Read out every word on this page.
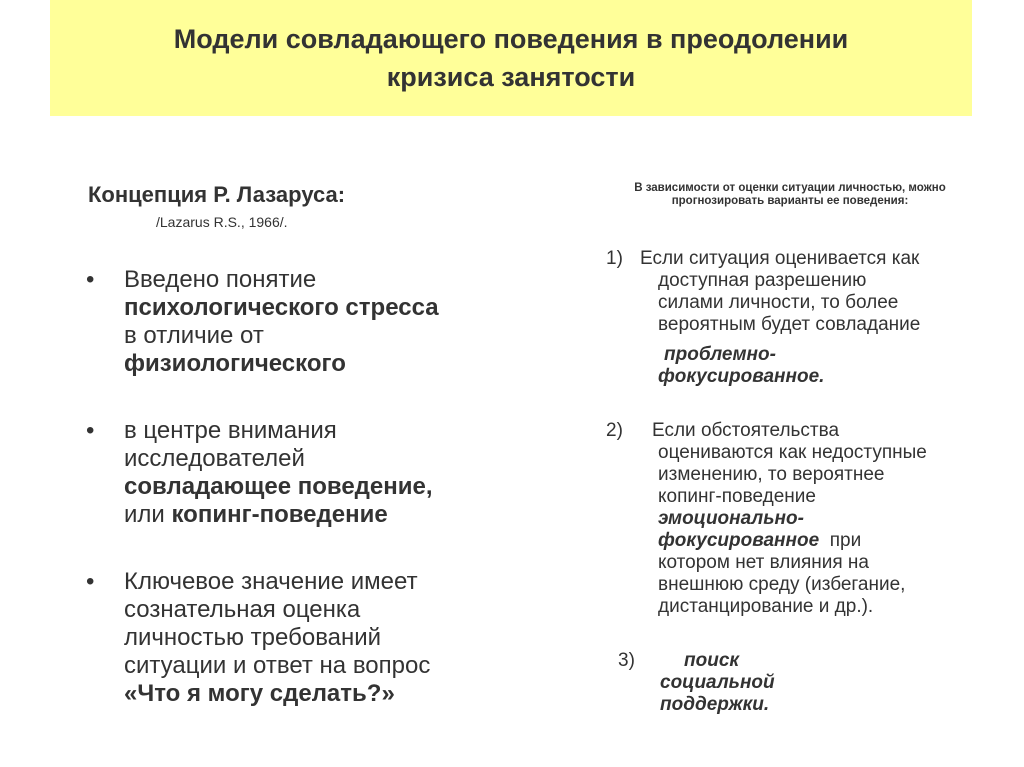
Модели совладающего поведения в преодолении
кризиса занятости
Концепция Р. Лазаруса:
/Lazarus R.S., 1966/.
• Введено понятие
психологического стресса
в отличие от
физиологического
• в центре внимания
исследователей
совладающее поведение,
или копинг-поведение
• Ключевое значение имеет
сознательная оценка
личностью требований
ситуации и ответ на вопрос
«Что я могу сделать?»
В зависимости от оценки ситуации личностью, можно
прогнозировать варианты ее поведения:
1) Если ситуация оценивается как
доступная разрешению
силами личности, то более
вероятным будет совладание
проблемно-
фокусированное.
2) Если обстоятельства
оцениваются как недоступные
изменению, то вероятнее
копинг-поведение
эмоционально-
фокусированное  при
котором нет влияния на
внешнюю среду (избегание,
дистанцирование и др.).
3)	поиск
социальной
поддержки.
